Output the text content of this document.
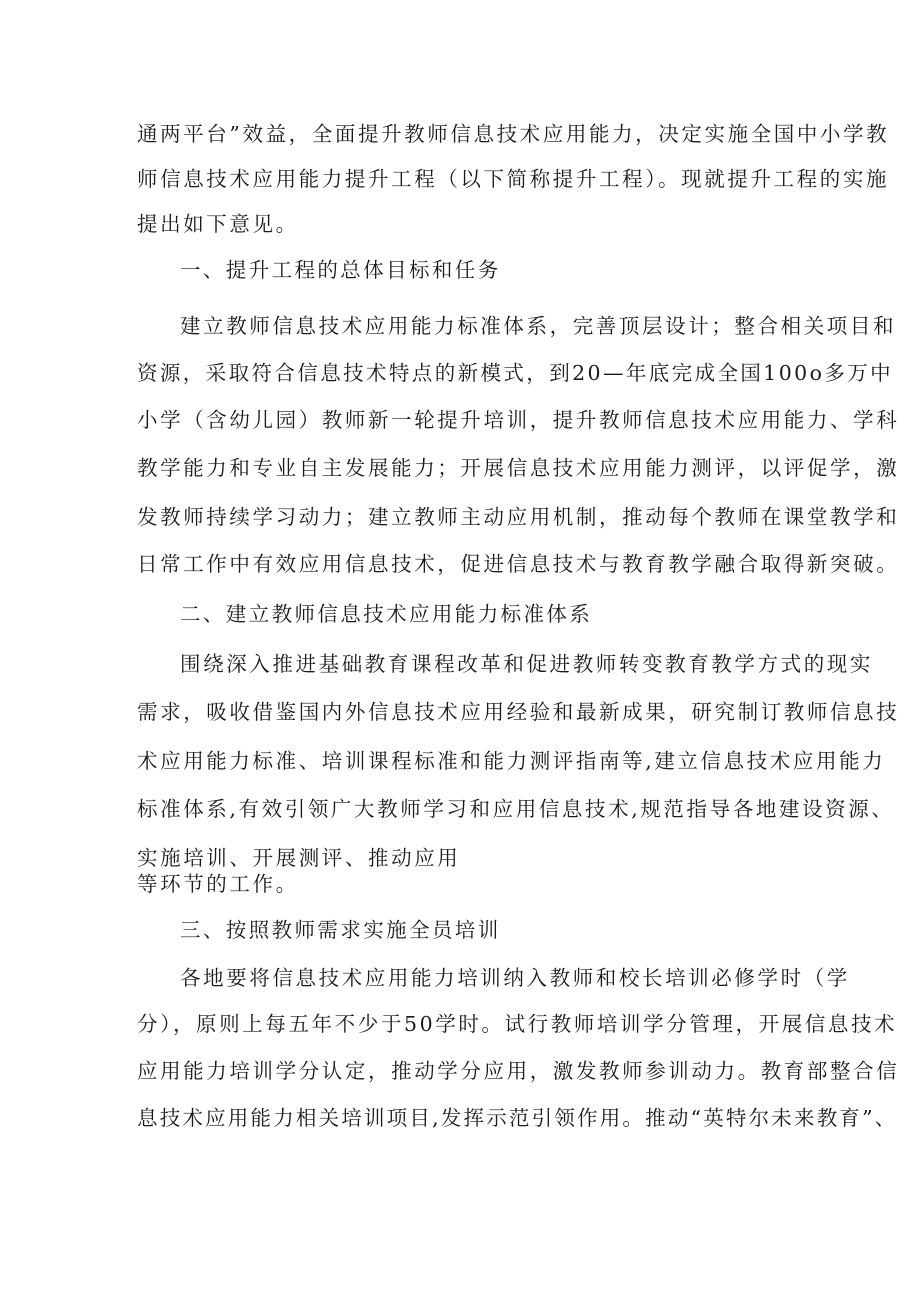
通两平台”效益，全面提升教师信息技术应用能力，决定实施全国中小学教
师信息技术应用能力提升工程（以下简称提升工程）。现就提升工程的实施
提出如下意见。
一、提升工程的总体目标和任务
建立教师信息技术应用能力标准体系，完善顶层设计；整合相关项目和
资源，采取符合信息技术特点的新模式，到20—年底完成全国100o多万中
小学（含幼儿园）教师新一轮提升培训，提升教师信息技术应用能力、学科
教学能力和专业自主发展能力；开展信息技术应用能力测评，以评促学，激
发教师持续学习动力；建立教师主动应用机制，推动每个教师在课堂教学和
日常工作中有效应用信息技术，促进信息技术与教育教学融合取得新突破。
二、建立教师信息技术应用能力标准体系
围绕深入推进基础教育课程改革和促进教师转变教育教学方式的现实
需求，吸收借鉴国内外信息技术应用经验和最新成果，研究制订教师信息技
术应用能力标准、培训课程标准和能力测评指南等,建立信息技术应用能力
标准体系,有效引领广大教师学习和应用信息技术,规范指导各地建设资源、
实施培训、开展测评、推动应用
等环节的工作。
三、按照教师需求实施全员培训
各地要将信息技术应用能力培训纳入教师和校长培训必修学时（学
分），原则上每五年不少于50学时。试行教师培训学分管理，开展信息技术
应用能力培训学分认定，推动学分应用，激发教师参训动力。教育部整合信
息技术应用能力相关培训项目,发挥示范引领作用。推动“英特尔未来教育”、
